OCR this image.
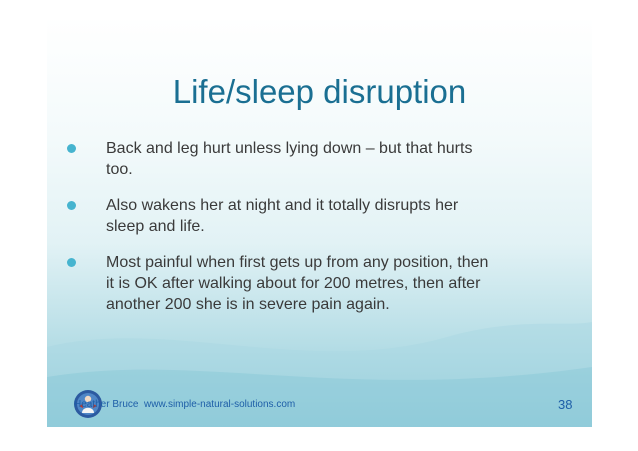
Life/sleep disruption
Back and leg hurt unless lying down – but that hurts
too.
Also wakens her at night and it totally disrupts her
sleep and life.
Most painful when first gets up from any position, then
it is OK after walking about for 200 metres, then after
another 200 she is in severe pain again.
Heather Bruce www.simple-natural-solutions.com	38
